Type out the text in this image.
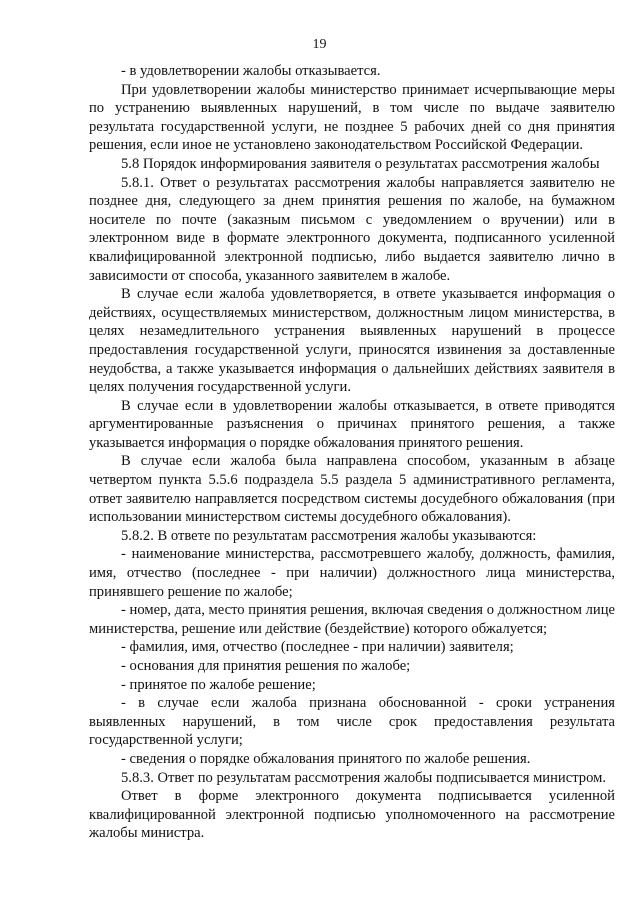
19

- в удовлетворении жалобы отказывается.

При удовлетворении жалобы министерство принимает исчерпывающие меры по устранению выявленных нарушений, в том числе по выдаче заявителю результата государственной услуги, не позднее 5 рабочих дней со дня принятия решения, если иное не установлено законодательством Российской Федерации.

5.8 Порядок информирования заявителя о результатах рассмотрения жалобы

5.8.1. Ответ о результатах рассмотрения жалобы направляется заявителю не позднее дня, следующего за днем принятия решения по жалобе, на бумажном носителе по почте (заказным письмом с уведомлением о вручении) или в электронном виде в формате электронного документа, подписанного усиленной квалифицированной электронной подписью, либо выдается заявителю лично в зависимости от способа, указанного заявителем в жалобе.

В случае если жалоба удовлетворяется, в ответе указывается информация о действиях, осуществляемых министерством, должностным лицом министерства, в целях незамедлительного устранения выявленных нарушений в процессе предоставления государственной услуги, приносятся извинения за доставленные неудобства, а также указывается информация о дальнейших действиях заявителя в целях получения государственной услуги.

В случае если в удовлетворении жалобы отказывается, в ответе приводятся аргументированные разъяснения о причинах принятого решения, а также указывается информация о порядке обжалования принятого решения.

В случае если жалоба была направлена способом, указанным в абзаце четвертом пункта 5.5.6 подраздела 5.5 раздела 5 административного регламента, ответ заявителю направляется посредством системы досудебного обжалования (при использовании министерством системы досудебного обжалования).

5.8.2. В ответе по результатам рассмотрения жалобы указываются:

- наименование министерства, рассмотревшего жалобу, должность, фамилия, имя, отчество (последнее - при наличии) должностного лица министерства, принявшего решение по жалобе;

- номер, дата, место принятия решения, включая сведения о должностном лице министерства, решение или действие (бездействие) которого обжалуется;

- фамилия, имя, отчество (последнее - при наличии) заявителя;

- основания для принятия решения по жалобе;

- принятое по жалобе решение;

- в случае если жалоба признана обоснованной - сроки устранения выявленных нарушений, в том числе срок предоставления результата государственной услуги;

- сведения о порядке обжалования принятого по жалобе решения.

5.8.3. Ответ по результатам рассмотрения жалобы подписывается министром.

Ответ в форме электронного документа подписывается усиленной квалифицированной электронной подписью уполномоченного на рассмотрение жалобы министра.
